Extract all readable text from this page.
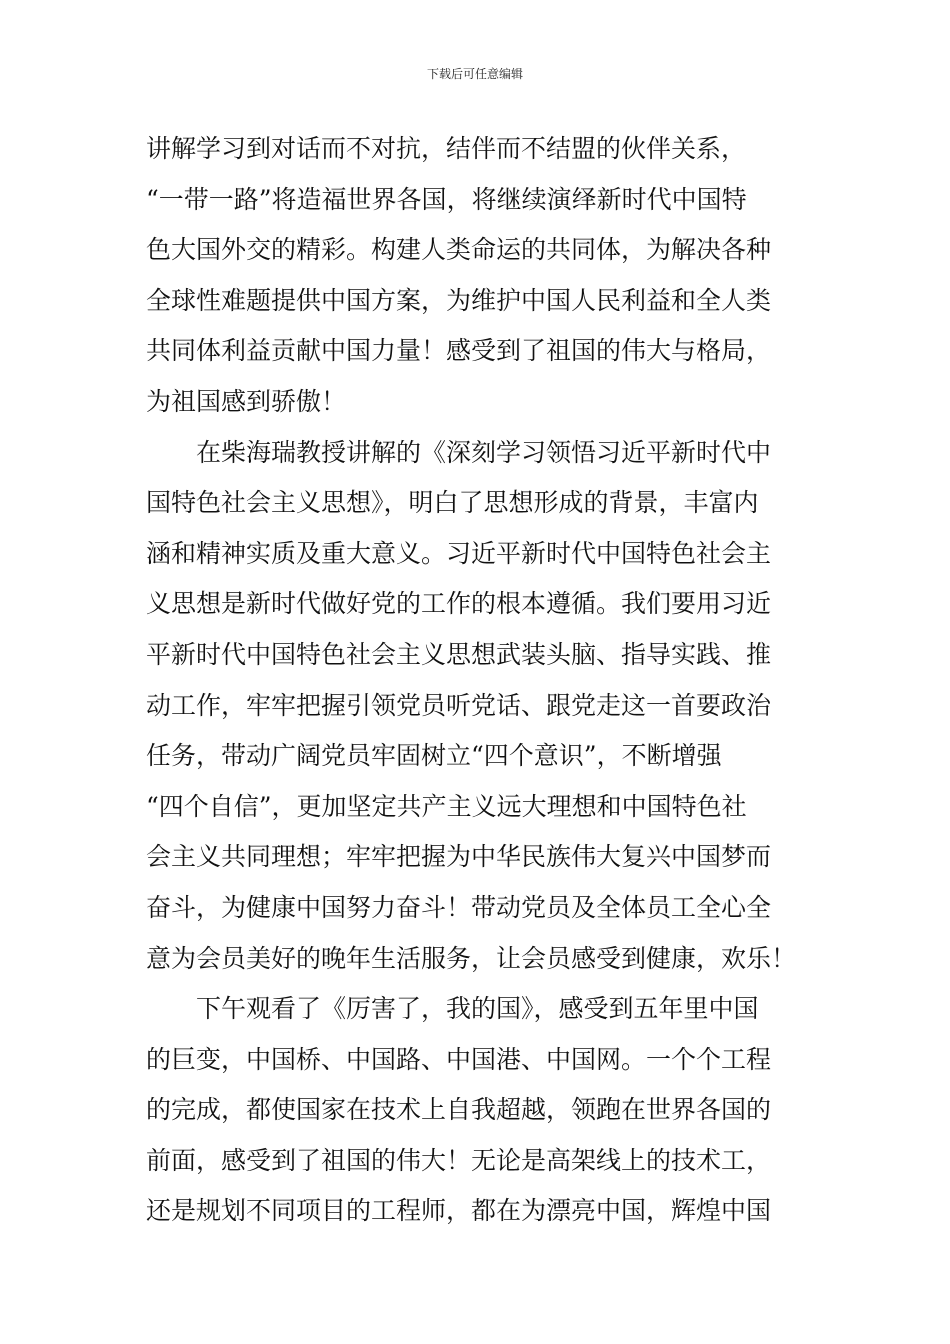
下载后可任意编辑
讲解学习到对话而不对抗，结伴而不结盟的伙伴关系，
“一带一路”将造福世界各国，将继续演绎新时代中国特
色大国外交的精彩。构建人类命运的共同体，为解决各种
全球性难题提供中国方案，为维护中国人民利益和全人类
共同体利益贡献中国力量！感受到了祖国的伟大与格局，
为祖国感到骄傲！
在柴海瑞教授讲解的《深刻学习领悟习近平新时代中
国特色社会主义思想》，明白了思想形成的背景，丰富内
涵和精神实质及重大意义。习近平新时代中国特色社会主
义思想是新时代做好党的工作的根本遵循。我们要用习近
平新时代中国特色社会主义思想武装头脑、指导实践、推
动工作，牢牢把握引领党员听党话、跟党走这一首要政治
任务，带动广阔党员牢固树立“四个意识”，不断增强
“四个自信”，更加坚定共产主义远大理想和中国特色社
会主义共同理想；牢牢把握为中华民族伟大复兴中国梦而
奋斗，为健康中国努力奋斗！带动党员及全体员工全心全
意为会员美好的晚年生活服务，让会员感受到健康，欢乐！
下午观看了《厉害了，我的国》，感受到五年里中国
的巨变，中国桥、中国路、中国港、中国网。一个个工程
的完成，都使国家在技术上自我超越，领跑在世界各国的
前面，感受到了祖国的伟大！无论是高架线上的技术工，
还是规划不同项目的工程师，都在为漂亮中国，辉煌中国
